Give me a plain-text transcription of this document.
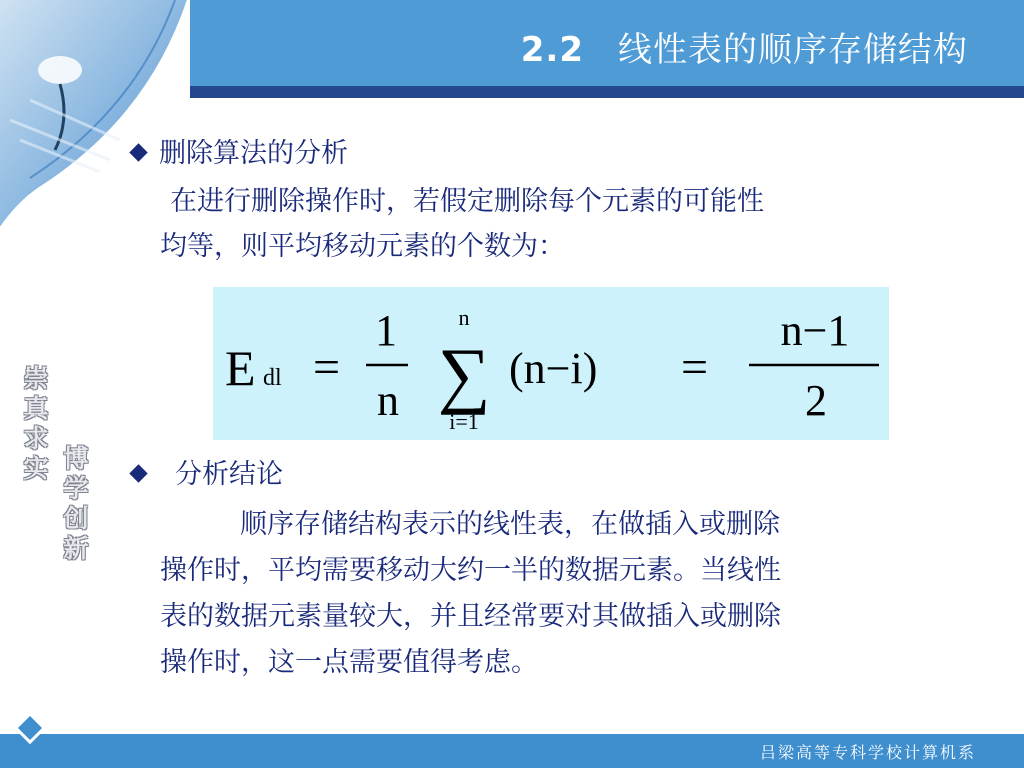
2.2 线性表的顺序存储结构
删除算法的分析
在进行删除操作时，若假定删除每个元素的可能性
均等，则平均移动元素的个数为：
E dl =
1
n
n
∑
i=1
(n−i) =
n−1
2
分析结论
顺序存储结构表示的线性表，在做插入或删除
操作时，平均需要移动大约一半的数据元素。当线性
表的数据元素量较大，并且经常要对其做插入或删除
操作时，这一点需要值得考虑。
崇真求实
博学创新
吕梁高等专科学校计算机系
